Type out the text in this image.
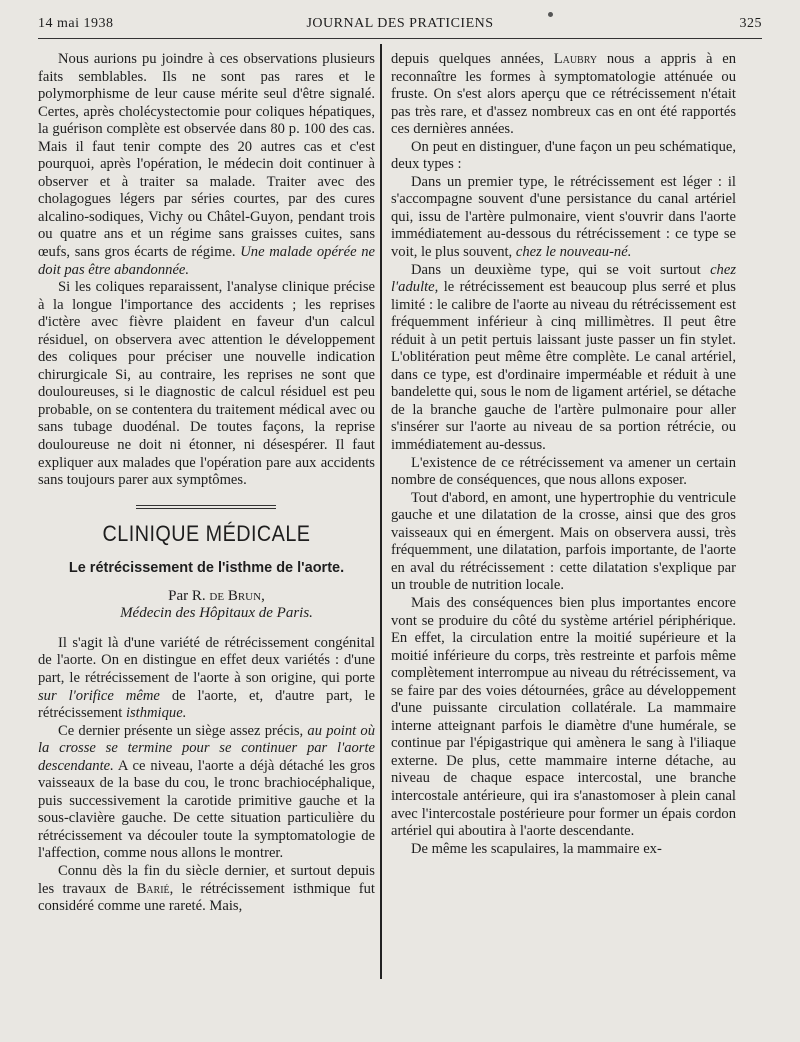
14 mai 1938	JOURNAL DES PRATICIENS	325

Nous aurions pu joindre à ces observations plusieurs faits semblables. Ils ne sont pas rares et le polymorphisme de leur cause mérite seul d'être signalé. Certes, après cholécystectomie pour coliques hépatiques, la guérison complète est observée dans 80 p. 100 des cas. Mais il faut tenir compte des 20 autres cas et c'est pourquoi, après l'opération, le médecin doit continuer à observer et à traiter sa malade. Traiter avec des cholagogues légers par séries courtes, par des cures alcalino-sodiques, Vichy ou Châtel-Guyon, pendant trois ou quatre ans et un régime sans graisses cuites, sans œufs, sans gros écarts de régime. Une malade opérée ne doit pas être abandonnée.

Si les coliques reparaissent, l'analyse clinique précise à la longue l'importance des accidents ; les reprises d'ictère avec fièvre plaident en faveur d'un calcul résiduel, on observera avec attention le développement des coliques pour préciser une nouvelle indication chirurgicale Si, au contraire, les reprises ne sont que douloureuses, si le diagnostic de calcul résiduel est peu probable, on se contentera du traitement médical avec ou sans tubage duodénal. De toutes façons, la reprise douloureuse ne doit ni étonner, ni désespérer. Il faut expliquer aux malades que l'opération pare aux accidents sans toujours parer aux symptômes.

CLINIQUE MÉDICALE
Le rétrécissement de l'isthme de l'aorte.

Par R. de Brun,

Médecin des Hôpitaux de Paris.

Il s'agit là d'une variété de rétrécissement congénital de l'aorte. On en distingue en effet deux variétés : d'une part, le rétrécissement de l'aorte à son origine, qui porte sur l'orifice même de l'aorte, et, d'autre part, le rétrécissement isthmique.

Ce dernier présente un siège assez précis, au point où la crosse se termine pour se continuer par l'aorte descendante. A ce niveau, l'aorte a déjà détaché les gros vaisseaux de la base du cou, le tronc brachiocéphalique, puis successivement la carotide primitive gauche et la sous-clavière gauche. De cette situation particulière du rétrécissement va découler toute la symptomatologie de l'affection, comme nous allons le montrer.

Connu dès la fin du siècle dernier, et surtout depuis les travaux de Barié, le rétrécissement isthmique fut considéré comme une rareté. Mais,

depuis quelques années, Laubry nous a appris à en reconnaître les formes à symptomatologie atténuée ou fruste. On s'est alors aperçu que ce rétrécissement n'était pas très rare, et d'assez nombreux cas en ont été rapportés ces dernières années.

On peut en distinguer, d'une façon un peu schématique, deux types :

Dans un premier type, le rétrécissement est léger : il s'accompagne souvent d'une persistance du canal artériel qui, issu de l'artère pulmonaire, vient s'ouvrir dans l'aorte immédiatement au-dessous du rétrécissement : ce type se voit, le plus souvent, chez le nouveau-né.

Dans un deuxième type, qui se voit surtout chez l'adulte, le rétrécissement est beaucoup plus serré et plus limité : le calibre de l'aorte au niveau du rétrécissement est fréquemment inférieur à cinq millimètres. Il peut être réduit à un petit pertuis laissant juste passer un fin stylet. L'oblitération peut même être complète. Le canal artériel, dans ce type, est d'ordinaire imperméable et réduit à une bandelette qui, sous le nom de ligament artériel, se détache de la branche gauche de l'artère pulmonaire pour aller s'insérer sur l'aorte au niveau de sa portion rétrécie, ou immédiatement au-dessus.

L'existence de ce rétrécissement va amener un certain nombre de conséquences, que nous allons exposer.

Tout d'abord, en amont, une hypertrophie du ventricule gauche et une dilatation de la crosse, ainsi que des gros vaisseaux qui en émergent. Mais on observera aussi, très fréquemment, une dilatation, parfois importante, de l'aorte en aval du rétrécissement : cette dilatation s'explique par un trouble de nutrition locale.

Mais des conséquences bien plus importantes encore vont se produire du côté du système artériel périphérique. En effet, la circulation entre la moitié supérieure et la moitié inférieure du corps, très restreinte et parfois même complètement interrompue au niveau du rétrécissement, va se faire par des voies détournées, grâce au développement d'une puissante circulation collatérale. La mammaire interne atteignant parfois le diamètre d'une humérale, se continue par l'épigastrique qui amènera le sang à l'iliaque externe. De plus, cette mammaire interne détache, au niveau de chaque espace intercostal, une branche intercostale antérieure, qui ira s'anastomoser à plein canal avec l'intercostale postérieure pour former un épais cordon artériel qui aboutira à l'aorte descendante.

De même les scapulaires, la mammaire ex-
